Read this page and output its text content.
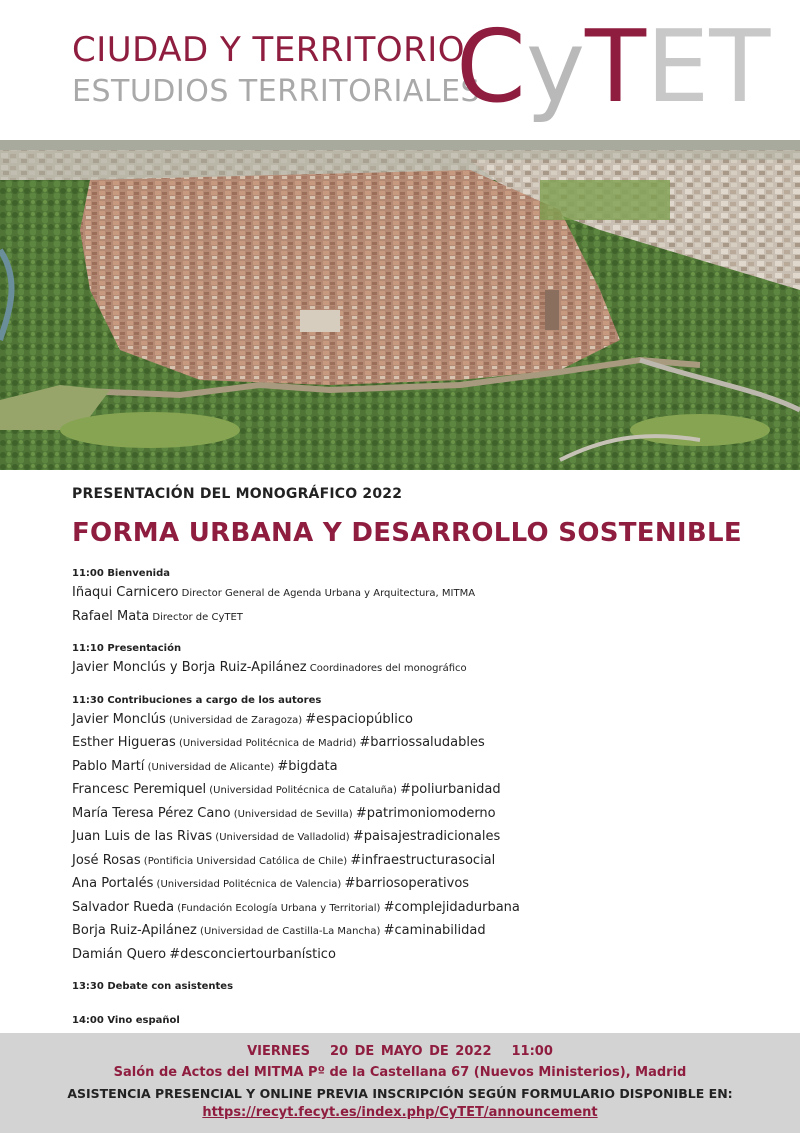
CIUDAD Y TERRITORIO
ESTUDIOS TERRITORIALES
CyTET
PRESENTACIÓN DEL MONOGRÁFICO 2022
FORMA URBANA Y DESARROLLO SOSTENIBLE
11:00 Bienvenida
Iñaqui Carnicero Director General de Agenda Urbana y Arquitectura, MITMA
Rafael Mata Director de CyTET
11:10 Presentación
Javier Monclús y Borja Ruiz-Apilánez Coordinadores del monográfico
11:30 Contribuciones a cargo de los autores
Javier Monclús (Universidad de Zaragoza) #espaciopúblico
Esther Higueras (Universidad Politécnica de Madrid) #barriossaludables
Pablo Martí (Universidad de Alicante) #bigdata
Francesc Peremiquel (Universidad Politécnica de Cataluña) #poliurbanidad
María Teresa Pérez Cano (Universidad de Sevilla) #patrimoniomoderno
Juan Luis de las Rivas (Universidad de Valladolid) #paisajestradicionales
José Rosas (Pontificia Universidad Católica de Chile) #infraestructurasocial
Ana Portalés (Universidad Politécnica de Valencia) #barriosoperativos
Salvador Rueda (Fundación Ecología Urbana y Territorial) #complejidadurbana
Borja Ruiz-Apilánez (Universidad de Castilla-La Mancha) #caminabilidad
Damián Quero #desconciertourbanístico
13:30 Debate con asistentes
14:00 Vino español
VIERNES 20 DE MAYO DE 2022 11:00
Salón de Actos del MITMA Pº de la Castellana 67 (Nuevos Ministerios), Madrid
ASISTENCIA PRESENCIAL Y ONLINE PREVIA INSCRIPCIÓN SEGÚN FORMULARIO DISPONIBLE EN:
https://recyt.fecyt.es/index.php/CyTET/announcement
